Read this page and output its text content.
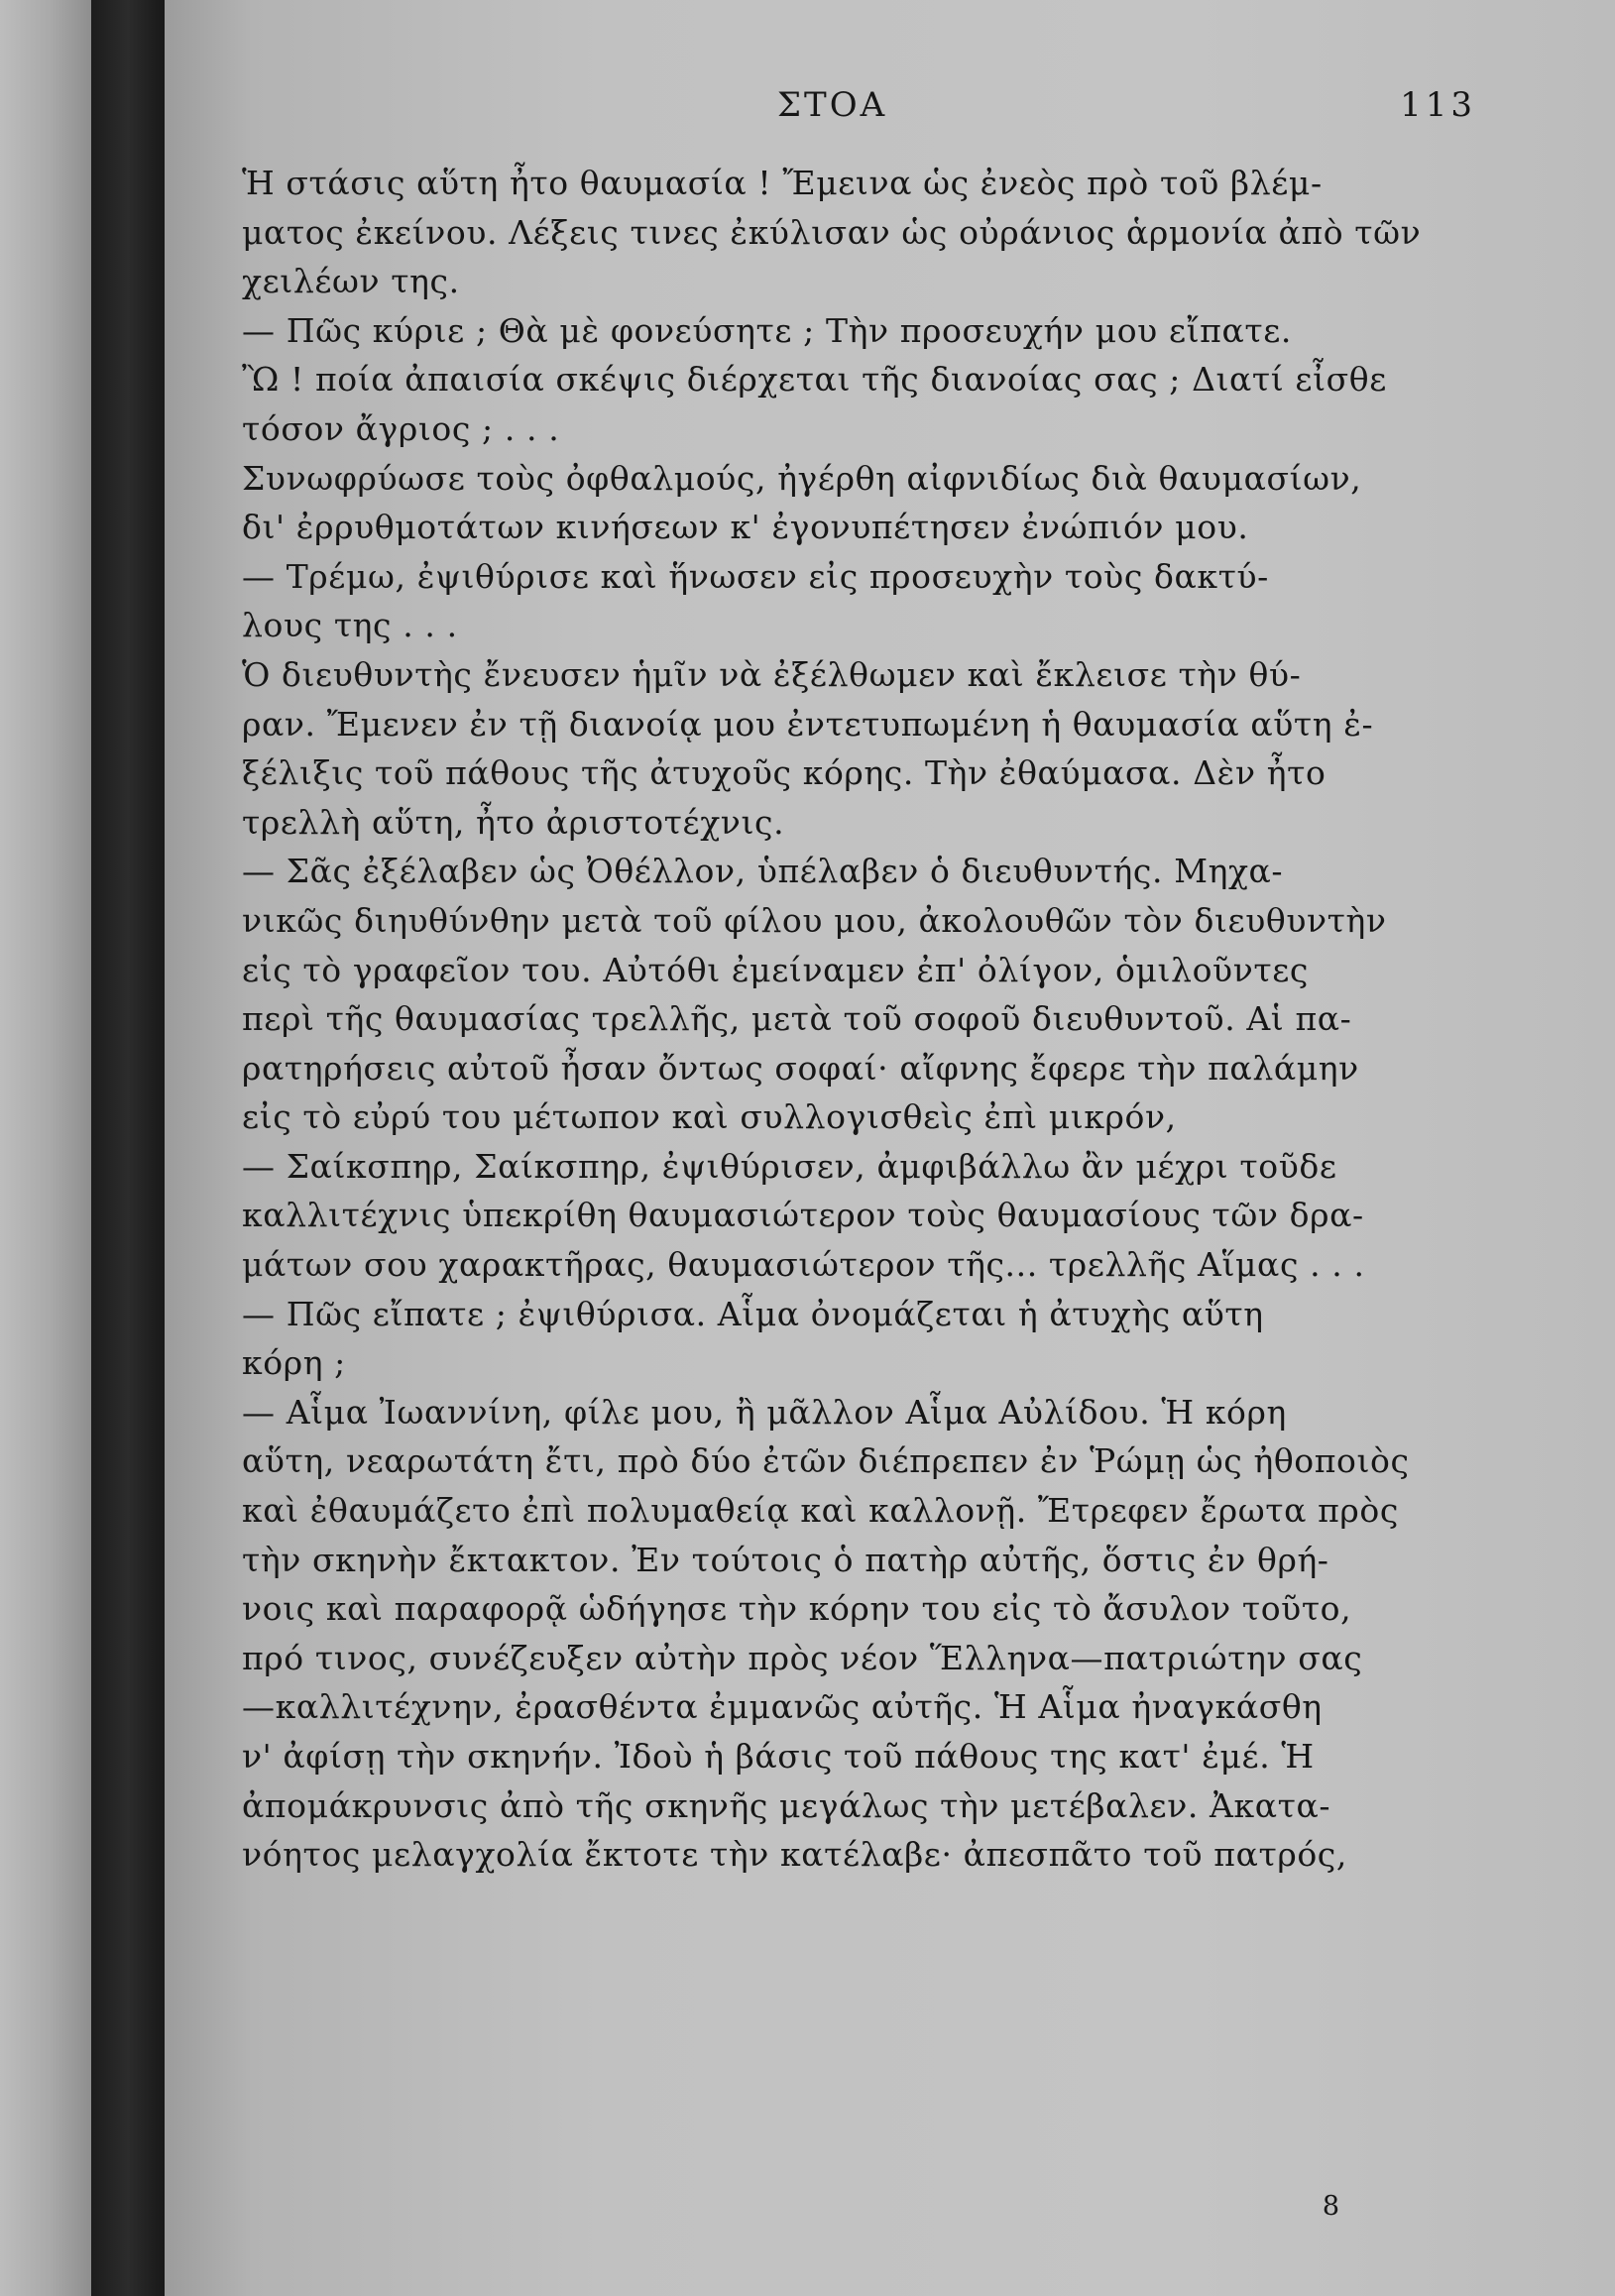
ΣΤΟΑ	113
Ἡ στάσις αὕτη ἦτο θαυμασία ! Ἔμεινα ὡς ἐνεὸς πρὸ τοῦ βλέμ-
ματος ἐκείνου. Λέξεις τινες ἐκύλισαν ὡς οὐράνιος ἁρμονία ἀπὸ τῶν
χειλέων της.
— Πῶς κύριε ; Θὰ μὲ φονεύσητε ; Τὴν προσευχήν μου εἴπατε.
Ὢ ! ποία ἀπαισία σκέψις διέρχεται τῆς διανοίας σας ; Διατί εἶσθε
τόσον ἄγριος ; . . .
Συνωφρύωσε τοὺς ὀφθαλμούς, ἠγέρθη αἰφνιδίως διὰ θαυμασίων,
δι' ἐρρυθμοτάτων κινήσεων κ' ἐγονυπέτησεν ἐνώπιόν μου.
— Τρέμω, ἐψιθύρισε καὶ ἥνωσεν εἰς προσευχὴν τοὺς δακτύ-
λους της . . .
Ὁ διευθυντὴς ἔνευσεν ἡμῖν νὰ ἐξέλθωμεν καὶ ἔκλεισε τὴν θύ-
ραν. Ἔμενεν ἐν τῇ διανοίᾳ μου ἐντετυπωμένη ἡ θαυμασία αὕτη ἐ-
ξέλιξις τοῦ πάθους τῆς ἀτυχοῦς κόρης. Τὴν ἐθαύμασα. Δὲν ἦτο
τρελλὴ αὕτη, ἦτο ἀριστοτέχνις.
— Σᾶς ἐξέλαβεν ὡς Ὀθέλλον, ὑπέλαβεν ὁ διευθυντής. Μηχα-
νικῶς διηυθύνθην μετὰ τοῦ φίλου μου, ἀκολουθῶν τὸν διευθυντὴν
εἰς τὸ γραφεῖον του. Αὐτόθι ἐμείναμεν ἐπ' ὀλίγον, ὁμιλοῦντες
περὶ τῆς θαυμασίας τρελλῆς, μετὰ τοῦ σοφοῦ διευθυντοῦ. Αἱ πα-
ρατηρήσεις αὐτοῦ ἦσαν ὄντως σοφαί· αἴφνης ἔφερε τὴν παλάμην
εἰς τὸ εὐρύ του μέτωπον καὶ συλλογισθεὶς ἐπὶ μικρόν,
— Σαίκσπηρ, Σαίκσπηρ, ἐψιθύρισεν, ἀμφιβάλλω ἂν μέχρι τοῦδε
καλλιτέχνις ὑπεκρίθη θαυμασιώτερον τοὺς θαυμασίους τῶν δρα-
μάτων σου χαρακτῆρας, θαυμασιώτερον τῆς... τρελλῆς Αἵμας . . .
— Πῶς εἴπατε ; ἐψιθύρισα. Αἷμα ὀνομάζεται ἡ ἀτυχὴς αὕτη
κόρη ;
— Αἷμα Ἰωαννίνη, φίλε μου, ἢ μᾶλλον Αἷμα Αὐλίδου. Ἡ κόρη
αὕτη, νεαρωτάτη ἔτι, πρὸ δύο ἐτῶν διέπρεπεν ἐν Ῥώμῃ ὡς ἠθοποιὸς
καὶ ἐθαυμάζετο ἐπὶ πολυμαθείᾳ καὶ καλλονῇ. Ἔτρεφεν ἔρωτα πρὸς
τὴν σκηνὴν ἔκτακτον. Ἐν τούτοις ὁ πατὴρ αὐτῆς, ὅστις ἐν θρή-
νοις καὶ παραφορᾷ ὡδήγησε τὴν κόρην του εἰς τὸ ἄσυλον τοῦτο,
πρό τινος, συνέζευξεν αὐτὴν πρὸς νέον Ἕλληνα—πατριώτην σας
—καλλιτέχνην, ἐρασθέντα ἐμμανῶς αὐτῆς. Ἡ Αἷμα ἠναγκάσθη
ν' ἀφίσῃ τὴν σκηνήν. Ἰδοὺ ἡ βάσις τοῦ πάθους της κατ' ἐμέ. Ἡ
ἀπομάκρυνσις ἀπὸ τῆς σκηνῆς μεγάλως τὴν μετέβαλεν. Ἀκατα-
νόητος μελαγχολία ἔκτοτε τὴν κατέλαβε· ἀπεσπᾶτο τοῦ πατρός,
8
